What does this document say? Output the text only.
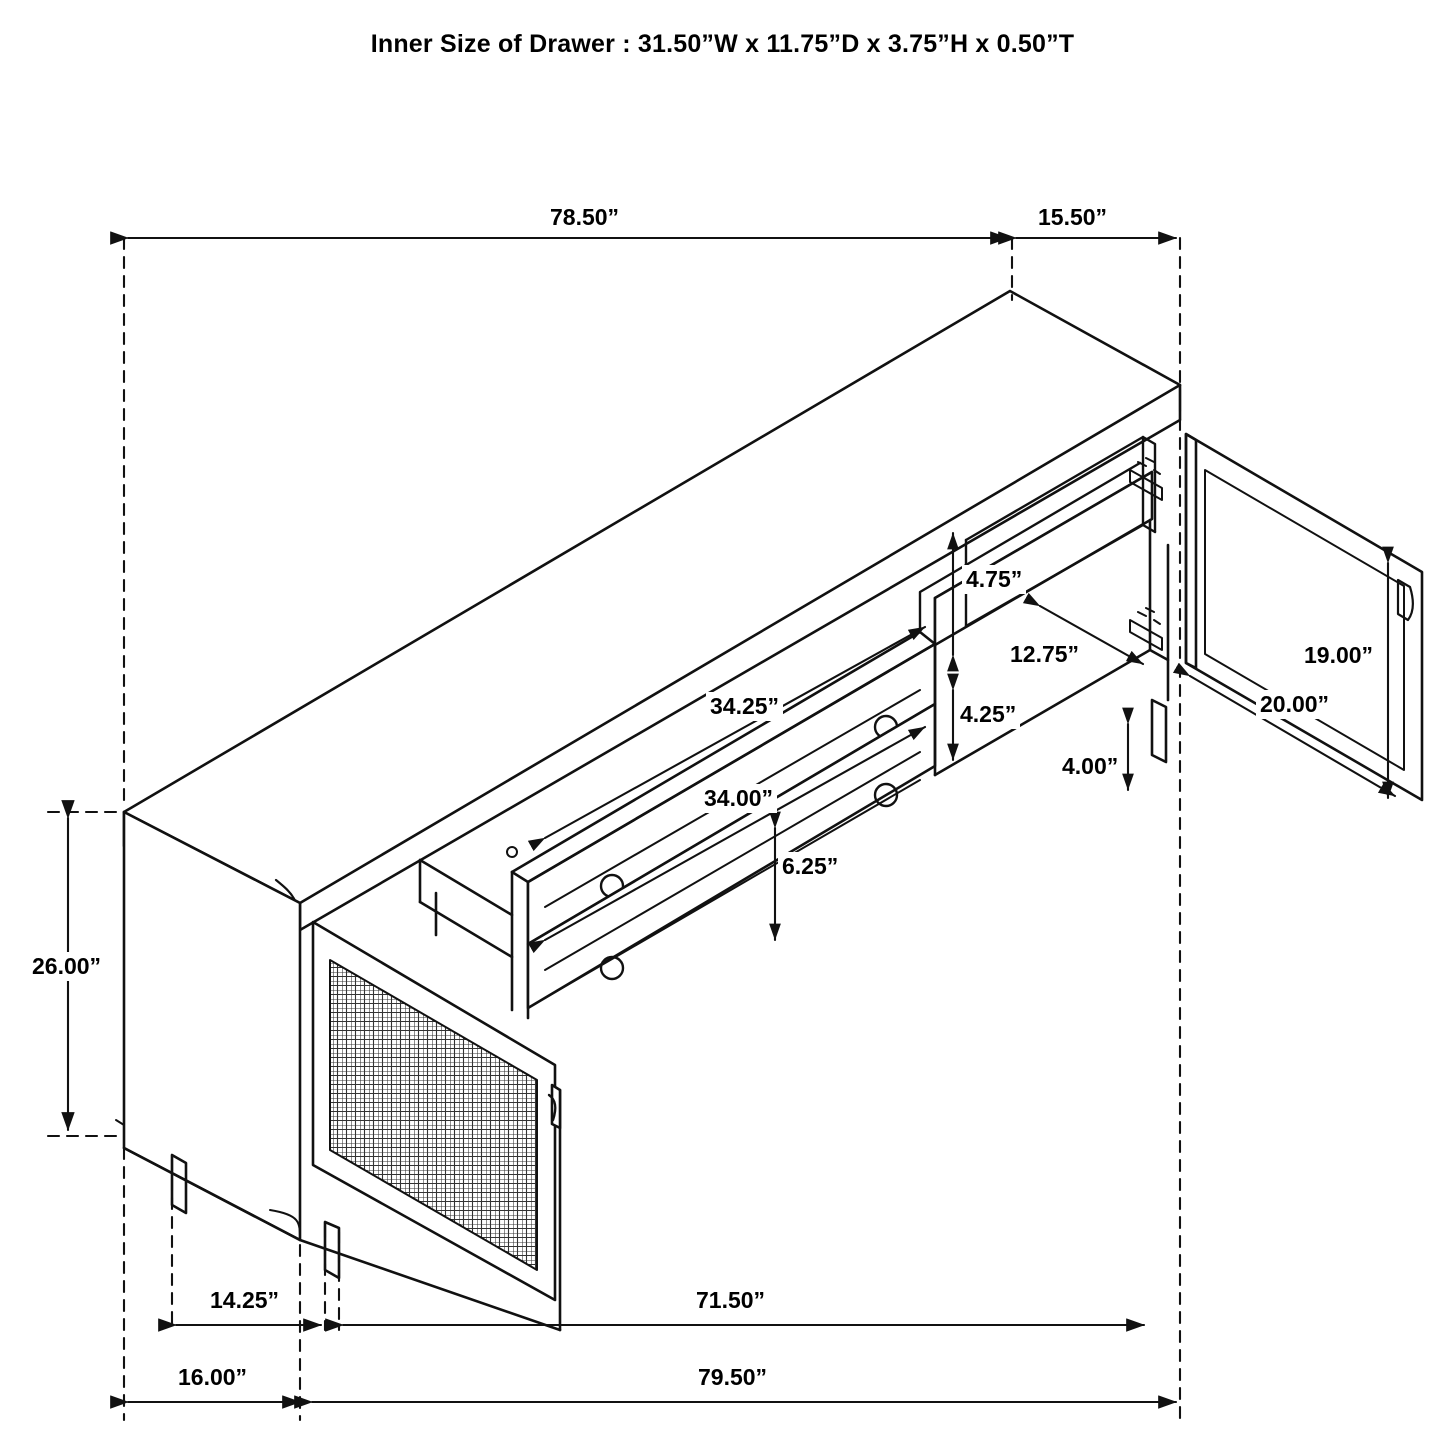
Inner Size of Drawer : 31.50”W x 11.75”D x 3.75”H x 0.50”T
78.50”	15.50”
4.75”
12.75”	19.00”
20.00”
34.25”	4.25”
4.00”
34.00”
6.25”
26.00”
14.25”	71.50”
16.00”	79.50”
